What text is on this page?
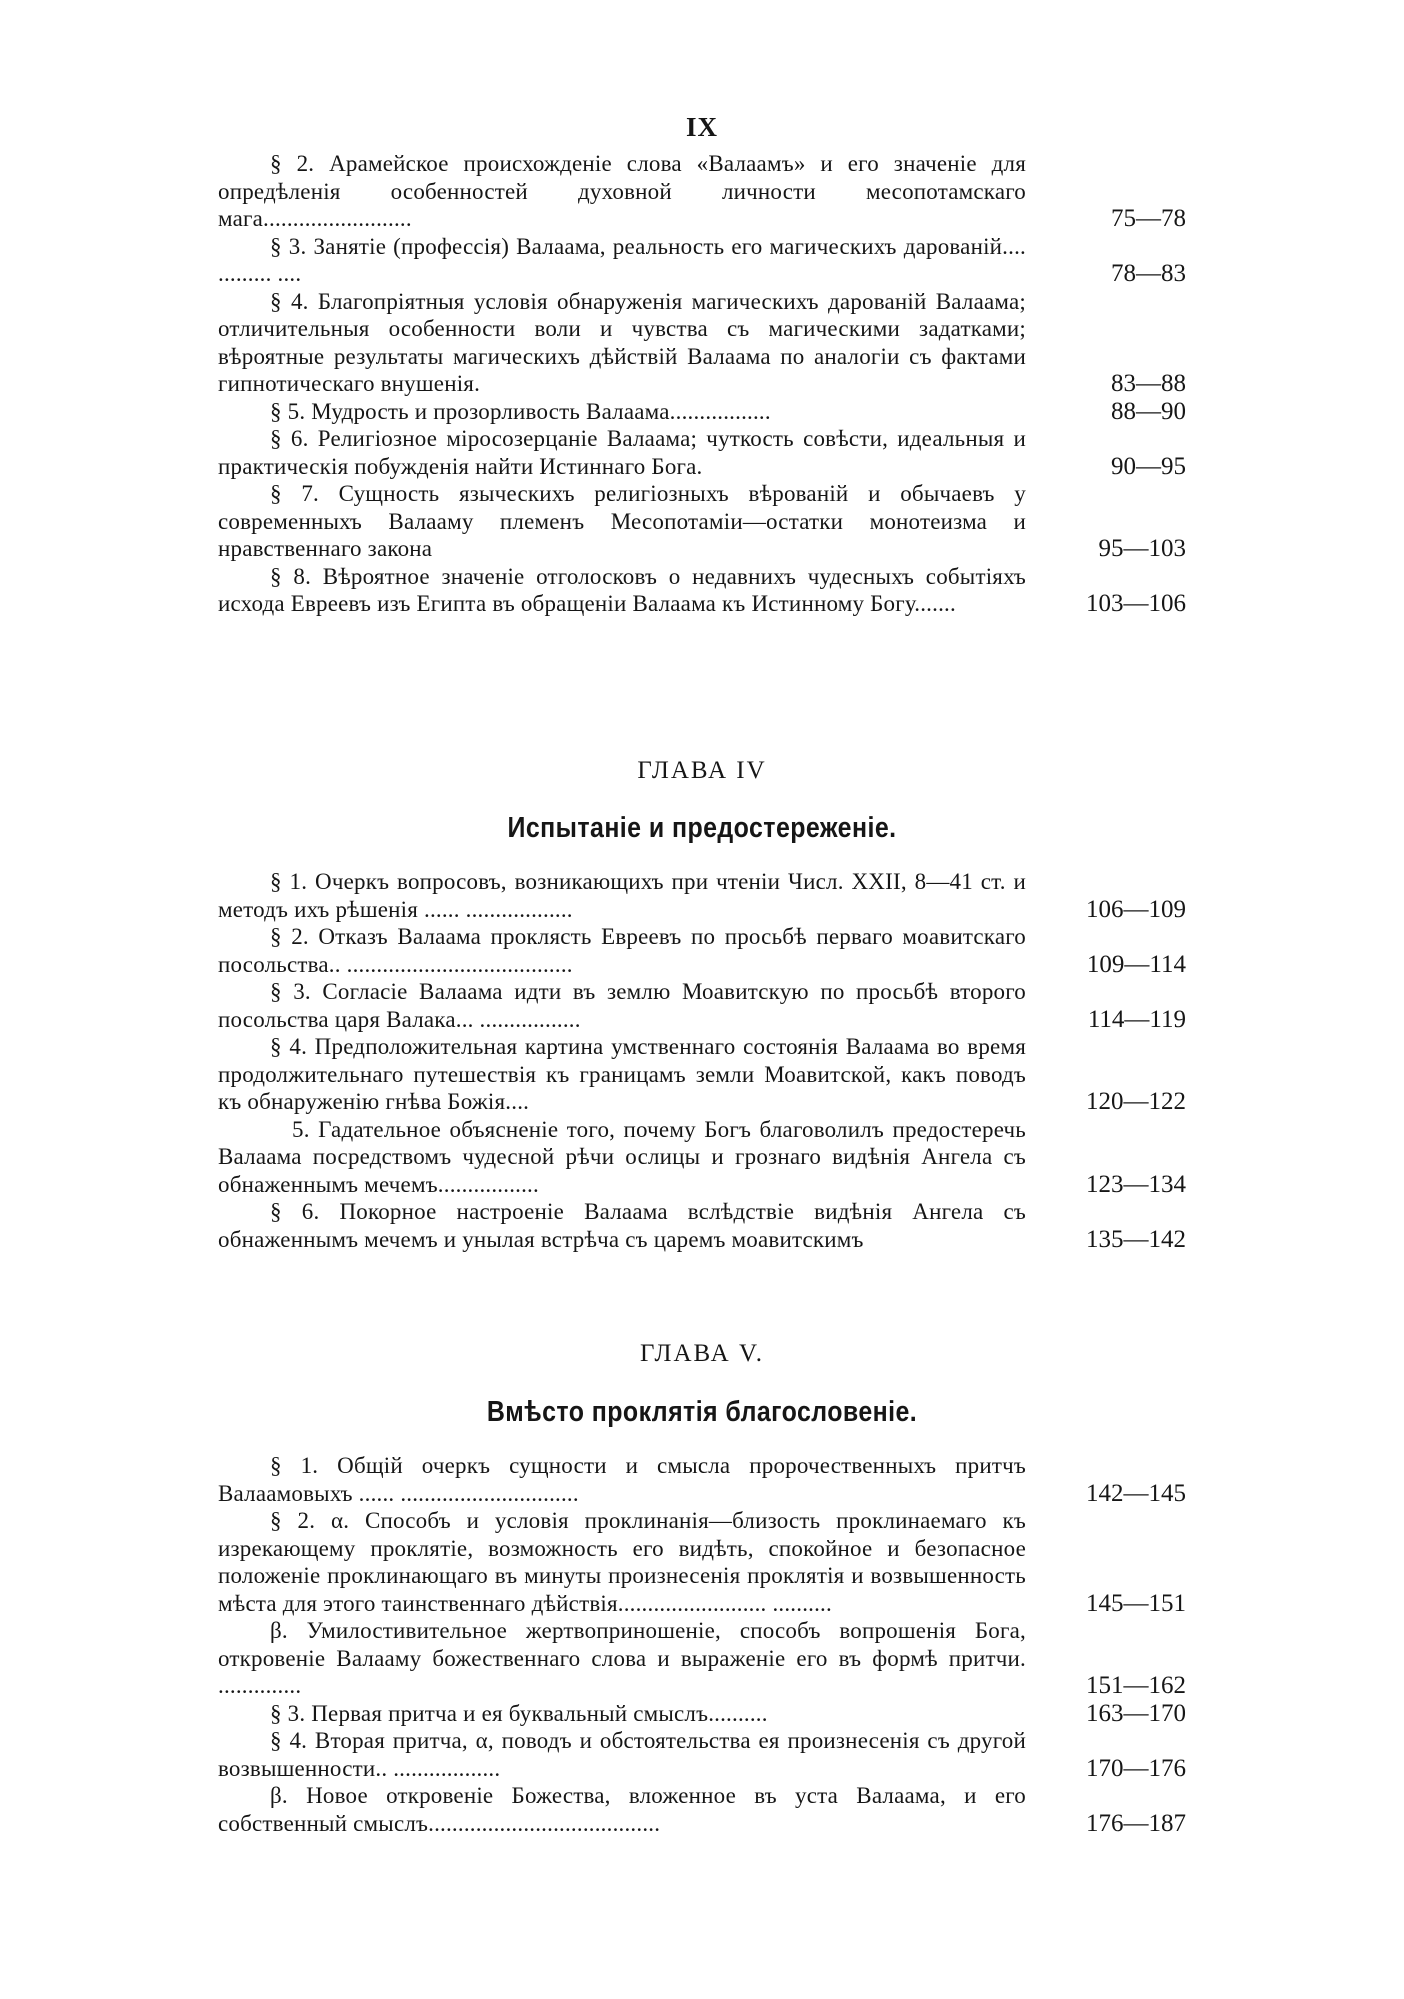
IX
§ 2. Арамейское происхожденіе слова «Валаамъ» и его значеніе для опредѣленія особенностей духовной личности месопотамскаго мага.........................	75—78
§ 3. Занятіе (профессія) Валаама, реальность его магическихъ дарованій.... ......... ....	78—83
§ 4. Благопріятныя условія обнаруженія магическихъ дарованій Валаама; отличительныя особенности воли и чувства съ магическими задатками; вѣроятные результаты магическихъ дѣйствій Валаама по аналогіи съ фактами гипнотическаго внушенія.	83—88
§ 5. Мудрость и прозорливость Валаама.................	88—90
§ 6. Религіозное міросозерцаніе Валаама; чуткость совѣсти, идеальныя и практическія побужденія найти Истиннаго Бога.	90—95
§ 7. Сущность языческихъ религіозныхъ вѣрованій и обычаевъ у современныхъ Валааму племенъ Месопотаміи—остатки монотеизма и нравственнаго закона	95—103
§ 8. Вѣроятное значеніе отголосковъ о недавнихъ чудесныхъ событіяхъ исхода Евреевъ изъ Египта въ обращеніи Валаама къ Истинному Богу.......	103—106
ГЛАВА IV
Испытаніе и предостереженіе.
§ 1. Очеркъ вопросовъ, возникающихъ при чтеніи Числ. XXII, 8—41 ст. и методъ ихъ рѣшенія ...... ..................	106—109
§ 2. Отказъ Валаама проклясть Евреевъ по просьбѣ перваго моавитскаго посольства.. ......................................	109—114
§ 3. Согласіе Валаама идти въ землю Моавитскую по просьбѣ второго посольства царя Валака... .................	114—119
§ 4. Предположительная картина умственнаго состоянія Валаама во время продолжительнаго путешествія къ границамъ земли Моавитской, какъ поводъ къ обнаруженію гнѣва Божія....	120—122
5. Гадательное объясненіе того, почему Богъ благоволилъ предостеречь Валаама посредствомъ чудесной рѣчи ослицы и грознаго видѣнія Ангела съ обнаженнымъ мечемъ.................	123—134
§ 6. Покорное настроеніе Валаама вслѣдствіе видѣнія Ангела съ обнаженнымъ мечемъ и унылая встрѣча съ царемъ моавитскимъ	135—142
ГЛАВА V.
Вмѣсто проклятія благословеніе.
§ 1. Общій очеркъ сущности и смысла пророчественныхъ притчъ Валаамовыхъ ...... ..............................	142—145
§ 2. α. Способъ и условія проклинанія—близость проклинаемаго къ изрекающему проклятіе, возможность его видѣть, спокойное и безопасное положеніе проклинающаго въ минуты произнесенія проклятія и возвышенность мѣста для этого таинственнаго дѣйствія......................... ..........	145—151
β. Умилостивительное жертвоприношеніе, способъ вопрошенія Бога, откровеніе Валааму божественнаго слова и выраженіе его въ формѣ притчи. ..............	151—162
§ 3. Первая притча и ея буквальный смыслъ..........	163—170
§ 4. Вторая притча, α, поводъ и обстоятельства ея произнесенія съ другой возвышенности.. ..................	170—176
β. Новое откровеніе Божества, вложенное въ уста Валаама, и его собственный смыслъ.......................................	176—187
